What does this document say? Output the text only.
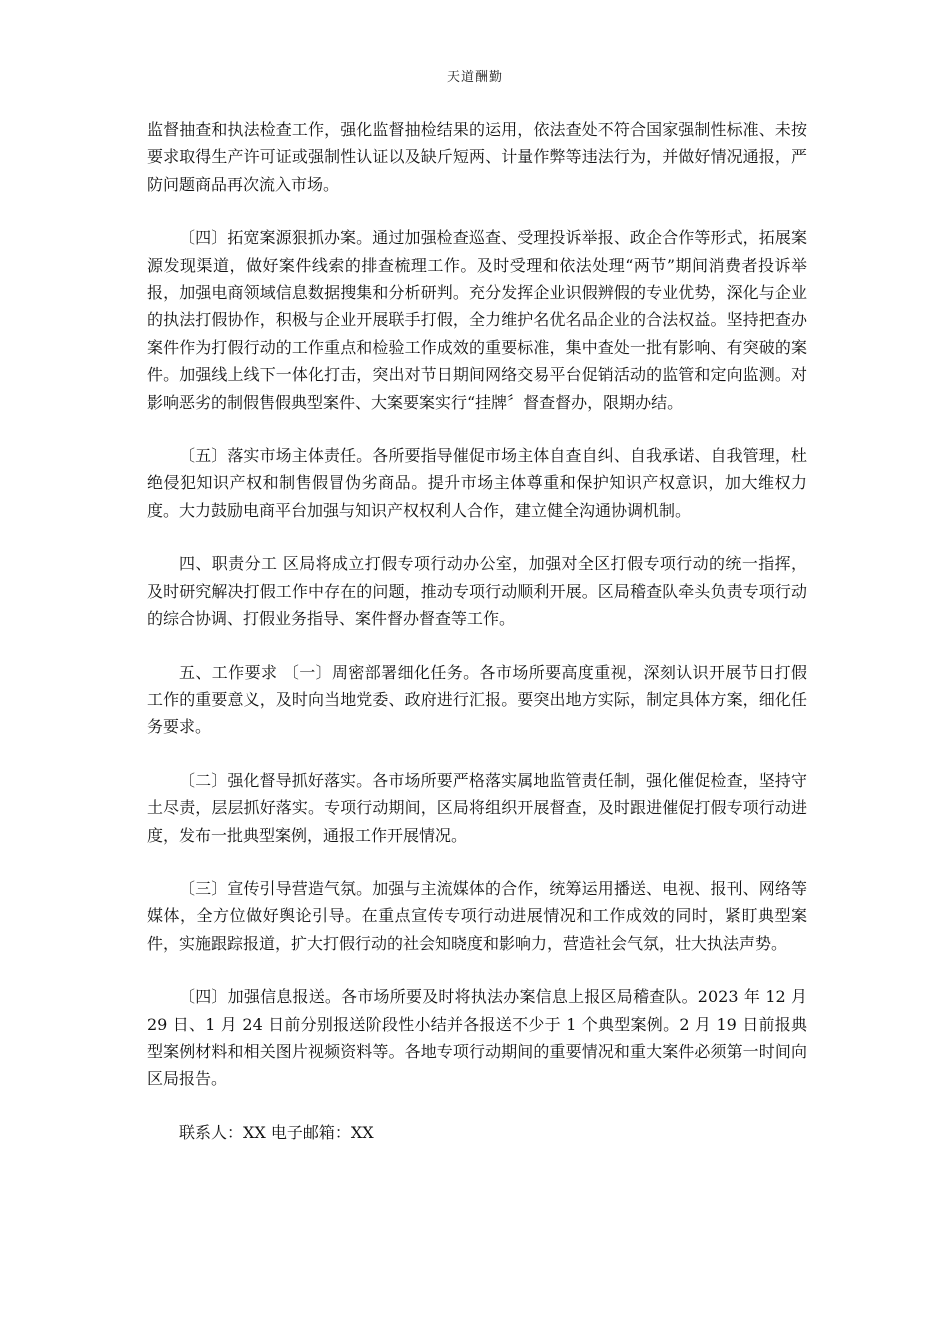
天道酬勤

监督抽查和执法检查工作，强化监督抽检结果的运用，依法查处不符合国家强制性标准、未按要求取得生产许可证或强制性认证以及缺斤短两、计量作弊等违法行为，并做好情况通报，严防问题商品再次流入市场。

〔四〕拓宽案源狠抓办案。通过加强检查巡查、受理投诉举报、政企合作等形式，拓展案源发现渠道，做好案件线索的排查梳理工作。及时受理和依法处理“两节”期间消费者投诉举报，加强电商领域信息数据搜集和分析研判。充分发挥企业识假辨假的专业优势，深化与企业的执法打假协作，积极与企业开展联手打假，全力维护名优名品企业的合法权益。坚持把查办案件作为打假行动的工作重点和检验工作成效的重要标准，集中查处一批有影响、有突破的案件。加强线上线下一体化打击，突出对节日期间网络交易平台促销活动的监管和定向监测。对影响恶劣的制假售假典型案件、大案要案实行“挂牌〞督查督办，限期办结。

〔五〕落实市场主体责任。各所要指导催促市场主体自查自纠、自我承诺、自我管理，杜绝侵犯知识产权和制售假冒伪劣商品。提升市场主体尊重和保护知识产权意识，加大维权力度。大力鼓励电商平台加强与知识产权权利人合作，建立健全沟通协调机制。

四、职责分工 区局将成立打假专项行动办公室，加强对全区打假专项行动的统一指挥，及时研究解决打假工作中存在的问题，推动专项行动顺利开展。区局稽查队牵头负责专项行动的综合协调、打假业务指导、案件督办督查等工作。

五、工作要求 〔一〕周密部署细化任务。各市场所要高度重视，深刻认识开展节日打假工作的重要意义，及时向当地党委、政府进行汇报。要突出地方实际，制定具体方案，细化任务要求。

〔二〕强化督导抓好落实。各市场所要严格落实属地监管责任制，强化催促检查，坚持守土尽责，层层抓好落实。专项行动期间，区局将组织开展督查，及时跟进催促打假专项行动进度，发布一批典型案例，通报工作开展情况。

〔三〕宣传引导营造气氛。加强与主流媒体的合作，统筹运用播送、电视、报刊、网络等媒体，全方位做好舆论引导。在重点宣传专项行动进展情况和工作成效的同时，紧盯典型案件，实施跟踪报道，扩大打假行动的社会知晓度和影响力，营造社会气氛，壮大执法声势。

〔四〕加强信息报送。各市场所要及时将执法办案信息上报区局稽查队。2023 年 12 月 29 日、1 月 24 日前分别报送阶段性小结并各报送不少于 1 个典型案例。2 月 19 日前报典型案例材料和相关图片视频资料等。各地专项行动期间的重要情况和重大案件必须第一时间向区局报告。

联系人：XX 电子邮箱：XX
